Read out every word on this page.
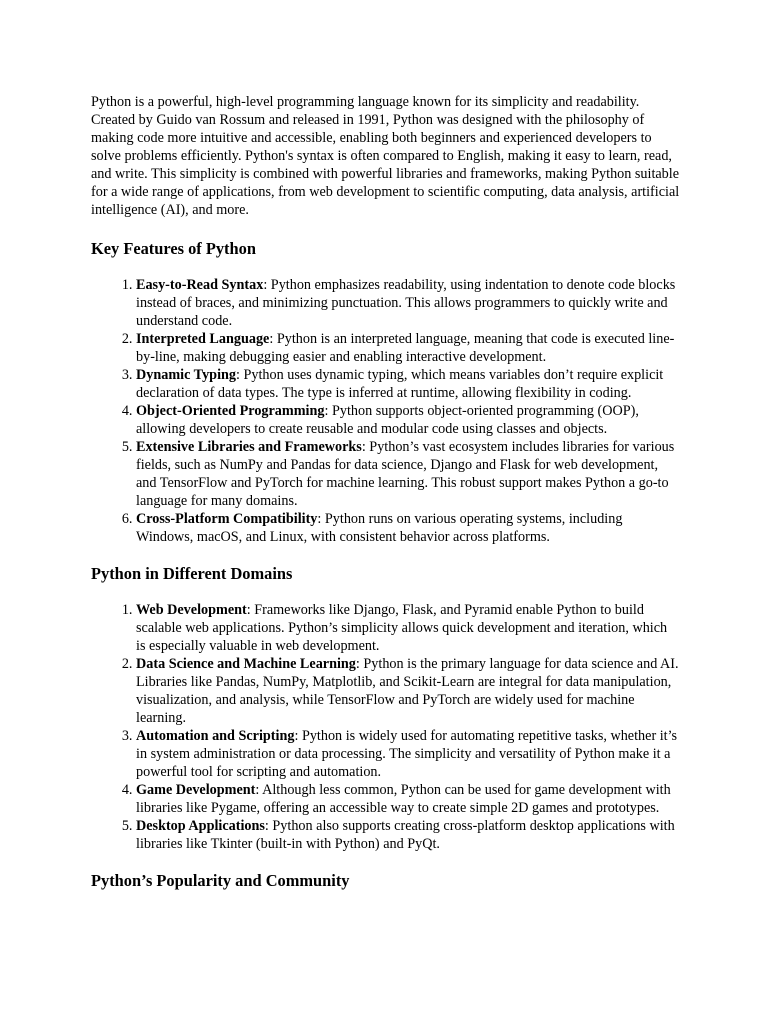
Python is a powerful, high-level programming language known for its simplicity and readability. Created by Guido van Rossum and released in 1991, Python was designed with the philosophy of making code more intuitive and accessible, enabling both beginners and experienced developers to solve problems efficiently. Python's syntax is often compared to English, making it easy to learn, read, and write. This simplicity is combined with powerful libraries and frameworks, making Python suitable for a wide range of applications, from web development to scientific computing, data analysis, artificial intelligence (AI), and more.

Key Features of Python
1. Easy-to-Read Syntax: Python emphasizes readability, using indentation to denote code blocks instead of braces, and minimizing punctuation. This allows programmers to quickly write and understand code.
2. Interpreted Language: Python is an interpreted language, meaning that code is executed line-by-line, making debugging easier and enabling interactive development.
3. Dynamic Typing: Python uses dynamic typing, which means variables don’t require explicit declaration of data types. The type is inferred at runtime, allowing flexibility in coding.
4. Object-Oriented Programming: Python supports object-oriented programming (OOP), allowing developers to create reusable and modular code using classes and objects.
5. Extensive Libraries and Frameworks: Python’s vast ecosystem includes libraries for various fields, such as NumPy and Pandas for data science, Django and Flask for web development, and TensorFlow and PyTorch for machine learning. This robust support makes Python a go-to language for many domains.
6. Cross-Platform Compatibility: Python runs on various operating systems, including Windows, macOS, and Linux, with consistent behavior across platforms.
Python in Different Domains
1. Web Development: Frameworks like Django, Flask, and Pyramid enable Python to build scalable web applications. Python’s simplicity allows quick development and iteration, which is especially valuable in web development.
2. Data Science and Machine Learning: Python is the primary language for data science and AI. Libraries like Pandas, NumPy, Matplotlib, and Scikit-Learn are integral for data manipulation, visualization, and analysis, while TensorFlow and PyTorch are widely used for machine learning.
3. Automation and Scripting: Python is widely used for automating repetitive tasks, whether it’s in system administration or data processing. The simplicity and versatility of Python make it a powerful tool for scripting and automation.
4. Game Development: Although less common, Python can be used for game development with libraries like Pygame, offering an accessible way to create simple 2D games and prototypes.
5. Desktop Applications: Python also supports creating cross-platform desktop applications with libraries like Tkinter (built-in with Python) and PyQt.
Python’s Popularity and Community
